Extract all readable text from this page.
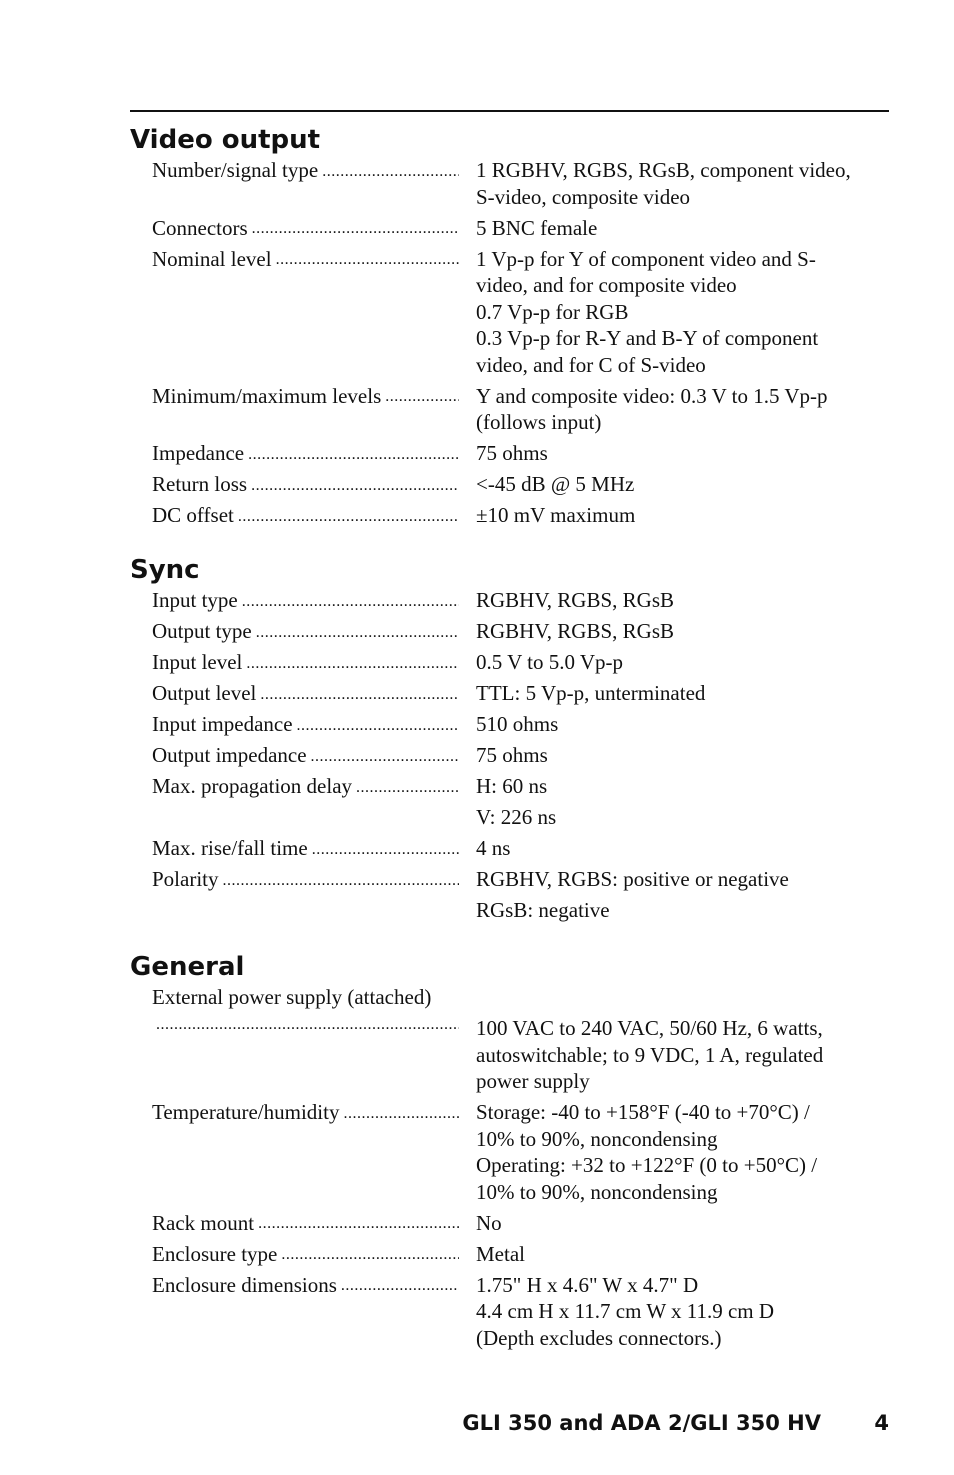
Video output
Number/signal type .....	1 RGBHV, RGBS, RGsB, component video,
S-video, composite video
Connectors .....	5 BNC female
Nominal level .....	1 Vp-p for Y of component video and S-
video, and for composite video
0.7 Vp-p for RGB
0.3 Vp-p for R-Y and B-Y of component
video, and for C of S-video
Minimum/maximum levels .....	Y and composite video: 0.3 V to 1.5 Vp-p
(follows input)
Impedance .....	75 ohms
Return loss .....	<-45 dB @ 5 MHz
DC offset .....	±10 mV maximum
Sync
Input type .....	RGBHV, RGBS, RGsB
Output type .....	RGBHV, RGBS, RGsB
Input level .....	0.5 V to 5.0 Vp-p
Output level .....	TTL: 5 Vp-p, unterminated
Input impedance .....	510 ohms
Output impedance .....	75 ohms
Max. propagation delay .....	H: 60 ns
V: 226 ns
Max. rise/fall time .....	4 ns
Polarity .....	RGBHV, RGBS: positive or negative
RGsB: negative
General
External power supply (attached)
.....
100 VAC to 240 VAC, 50/60 Hz, 6 watts,
autoswitchable; to 9 VDC, 1 A, regulated
power supply
Temperature/humidity .....	Storage: -40 to +158°F (-40 to +70°C) /
10% to 90%, noncondensing
Operating: +32 to +122°F (0 to +50°C) /
10% to 90%, noncondensing
Rack mount .....	No
Enclosure type .....	Metal
Enclosure dimensions .....	1.75" H x 4.6" W x 4.7" D
4.4 cm H x 11.7 cm W x 11.9 cm D
(Depth excludes connectors.)
GLI 350 and ADA 2/GLI 350 HV	4
